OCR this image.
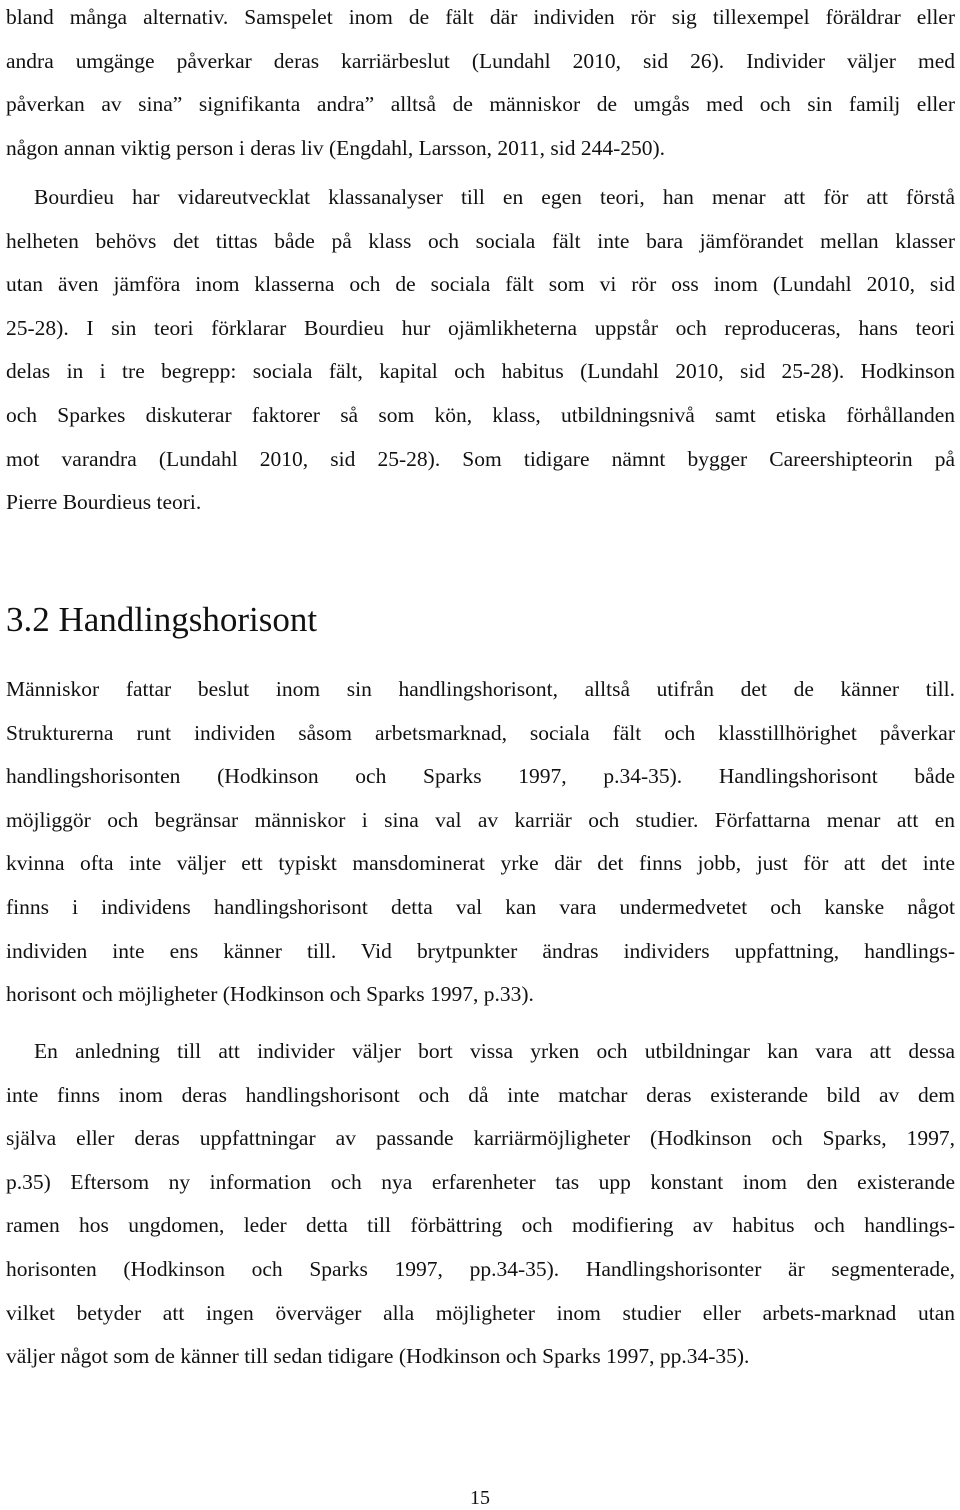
bland många alternativ. Samspelet inom de fält där individen rör sig tillexempel föräldrar eller
andra umgänge påverkar deras karriärbeslut (Lundahl 2010, sid 26). Individer väljer med
påverkan av sina” signifikanta andra” alltså de människor de umgås med och sin familj eller
någon annan viktig person i deras liv (Engdahl, Larsson, 2011, sid 244-250).
Bourdieu har vidareutvecklat klassanalyser till en egen teori, han menar att för att förstå
helheten behövs det tittas både på klass och sociala fält inte bara jämförandet mellan klasser
utan även jämföra inom klasserna och de sociala fält som vi rör oss inom (Lundahl 2010, sid
25-28). I sin teori förklarar Bourdieu hur ojämlikheterna uppstår och reproduceras, hans teori
delas in i tre begrepp: sociala fält, kapital och habitus (Lundahl 2010, sid 25-28). Hodkinson
och Sparkes diskuterar faktorer så som kön, klass, utbildningsnivå samt etiska förhållanden
mot varandra (Lundahl 2010, sid 25-28). Som tidigare nämnt bygger Careershipteorin på
Pierre Bourdieus teori.
3.2 Handlingshorisont
Människor fattar beslut inom sin handlingshorisont, alltså utifrån det de känner till.
Strukturerna runt individen såsom arbetsmarknad, sociala fält och klasstillhörighet påverkar
handlingshorisonten (Hodkinson och Sparks 1997, p.34-35). Handlingshorisont både
möjliggör och begränsar människor i sina val av karriär och studier. Författarna menar att en
kvinna ofta inte väljer ett typiskt mansdominerat yrke där det finns jobb, just för att det inte
finns i individens handlingshorisont detta val kan vara undermedvetet och kanske något
individen inte ens känner till. Vid brytpunkter ändras individers uppfattning, handlings-
horisont och möjligheter (Hodkinson och Sparks 1997, p.33).
En anledning till att individer väljer bort vissa yrken och utbildningar kan vara att dessa
inte finns inom deras handlingshorisont och då inte matchar deras existerande bild av dem
själva eller deras uppfattningar av passande karriärmöjligheter (Hodkinson och Sparks, 1997,
p.35) Eftersom ny information och nya erfarenheter tas upp konstant inom den existerande
ramen hos ungdomen, leder detta till förbättring och modifiering av habitus och handlings-
horisonten (Hodkinson och Sparks 1997, pp.34-35). Handlingshorisonter är segmenterade,
vilket betyder att ingen överväger alla möjligheter inom studier eller arbets-marknad utan
väljer något som de känner till sedan tidigare (Hodkinson och Sparks 1997, pp.34-35).
15
